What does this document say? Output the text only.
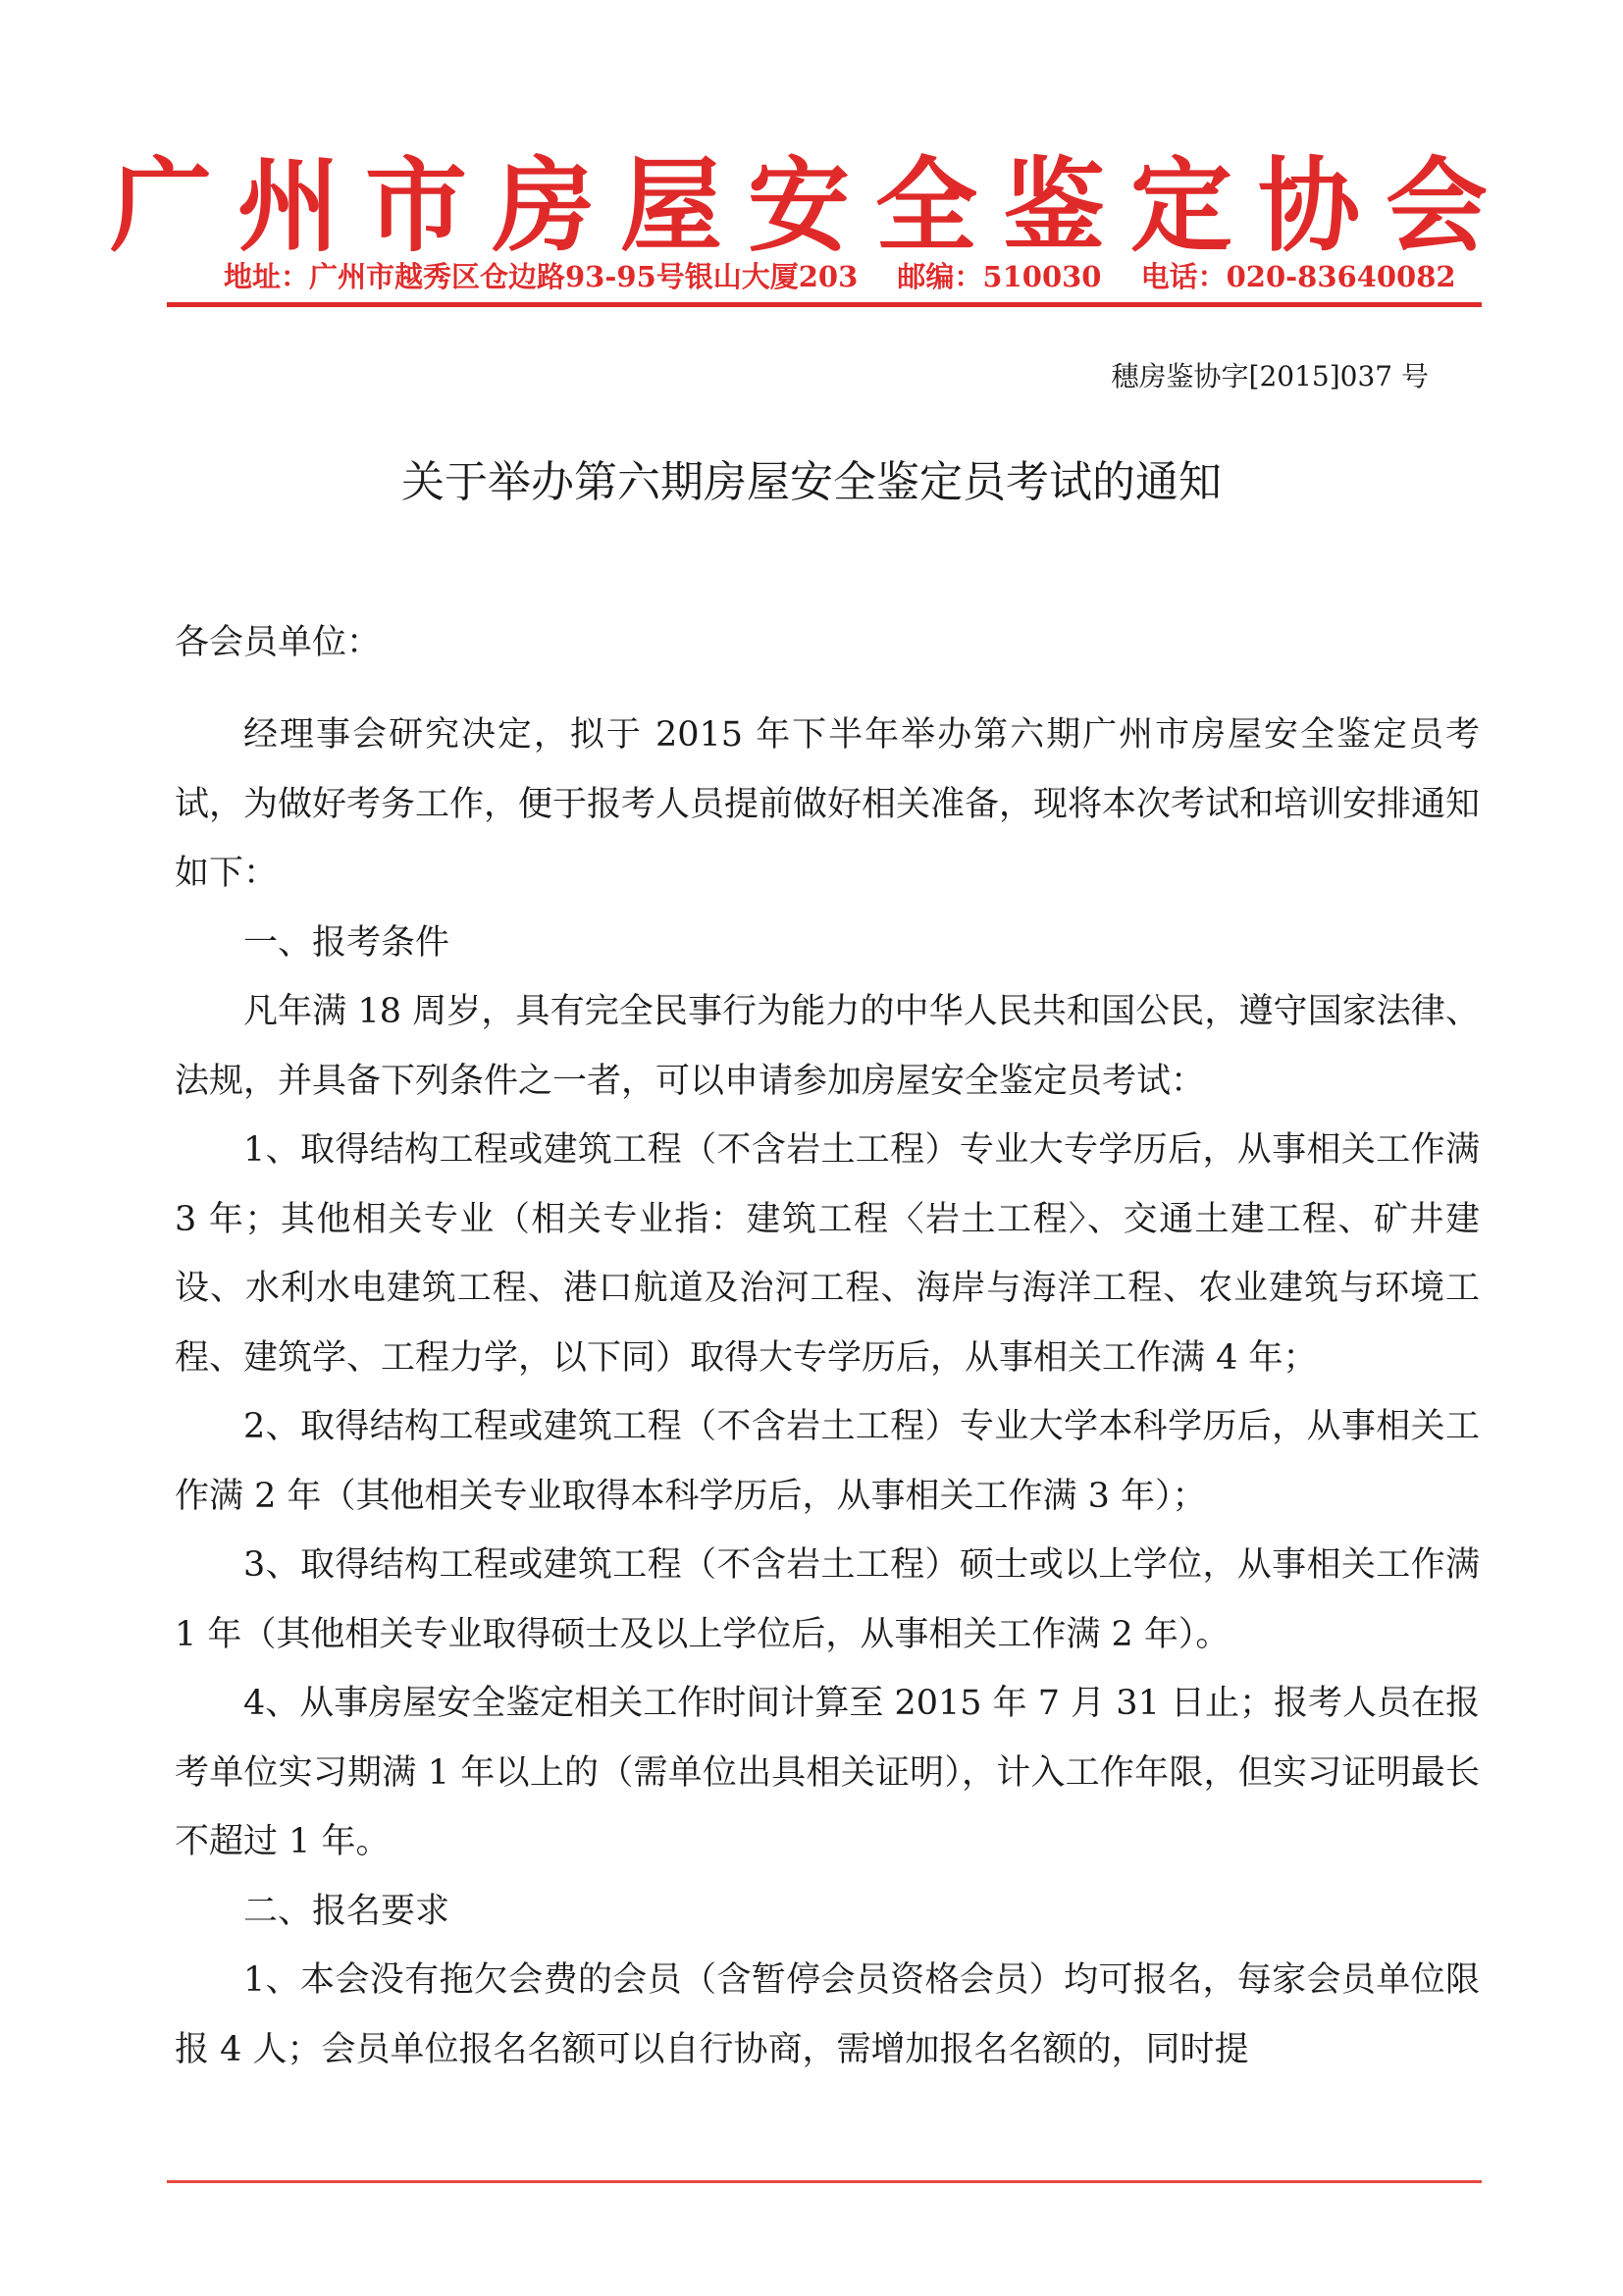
广州市房屋安全鉴定协会
地址：广州市越秀区仓边路93-95号银山大厦203 邮编：510030 电话：020-83640082
穗房鉴协字[2015]037 号
关于举办第六期房屋安全鉴定员考试的通知
各会员单位：

经理事会研究决定，拟于 2015 年下半年举办第六期广州市房屋安全鉴定员考试，为做好考务工作，便于报考人员提前做好相关准备，现将本次考试和培训安排通知如下：

一、报考条件

凡年满 18 周岁，具有完全民事行为能力的中华人民共和国公民，遵守国家法律、法规，并具备下列条件之一者，可以申请参加房屋安全鉴定员考试：

1、取得结构工程或建筑工程（不含岩土工程）专业大专学历后，从事相关工作满 3 年；其他相关专业（相关专业指：建筑工程〈岩土工程〉、交通土建工程、矿井建设、水利水电建筑工程、港口航道及治河工程、海岸与海洋工程、农业建筑与环境工程、建筑学、工程力学，以下同）取得大专学历后，从事相关工作满 4 年；

2、取得结构工程或建筑工程（不含岩土工程）专业大学本科学历后，从事相关工作满 2 年（其他相关专业取得本科学历后，从事相关工作满 3 年）；

3、取得结构工程或建筑工程（不含岩土工程）硕士或以上学位，从事相关工作满 1 年（其他相关专业取得硕士及以上学位后，从事相关工作满 2 年）。

4、从事房屋安全鉴定相关工作时间计算至 2015 年 7 月 31 日止；报考人员在报考单位实习期满 1 年以上的（需单位出具相关证明），计入工作年限，但实习证明最长不超过 1 年。

二、报名要求

1、本会没有拖欠会费的会员（含暂停会员资格会员）均可报名，每家会员单位限报 4 人；会员单位报名名额可以自行协商，需增加报名名额的，同时提
